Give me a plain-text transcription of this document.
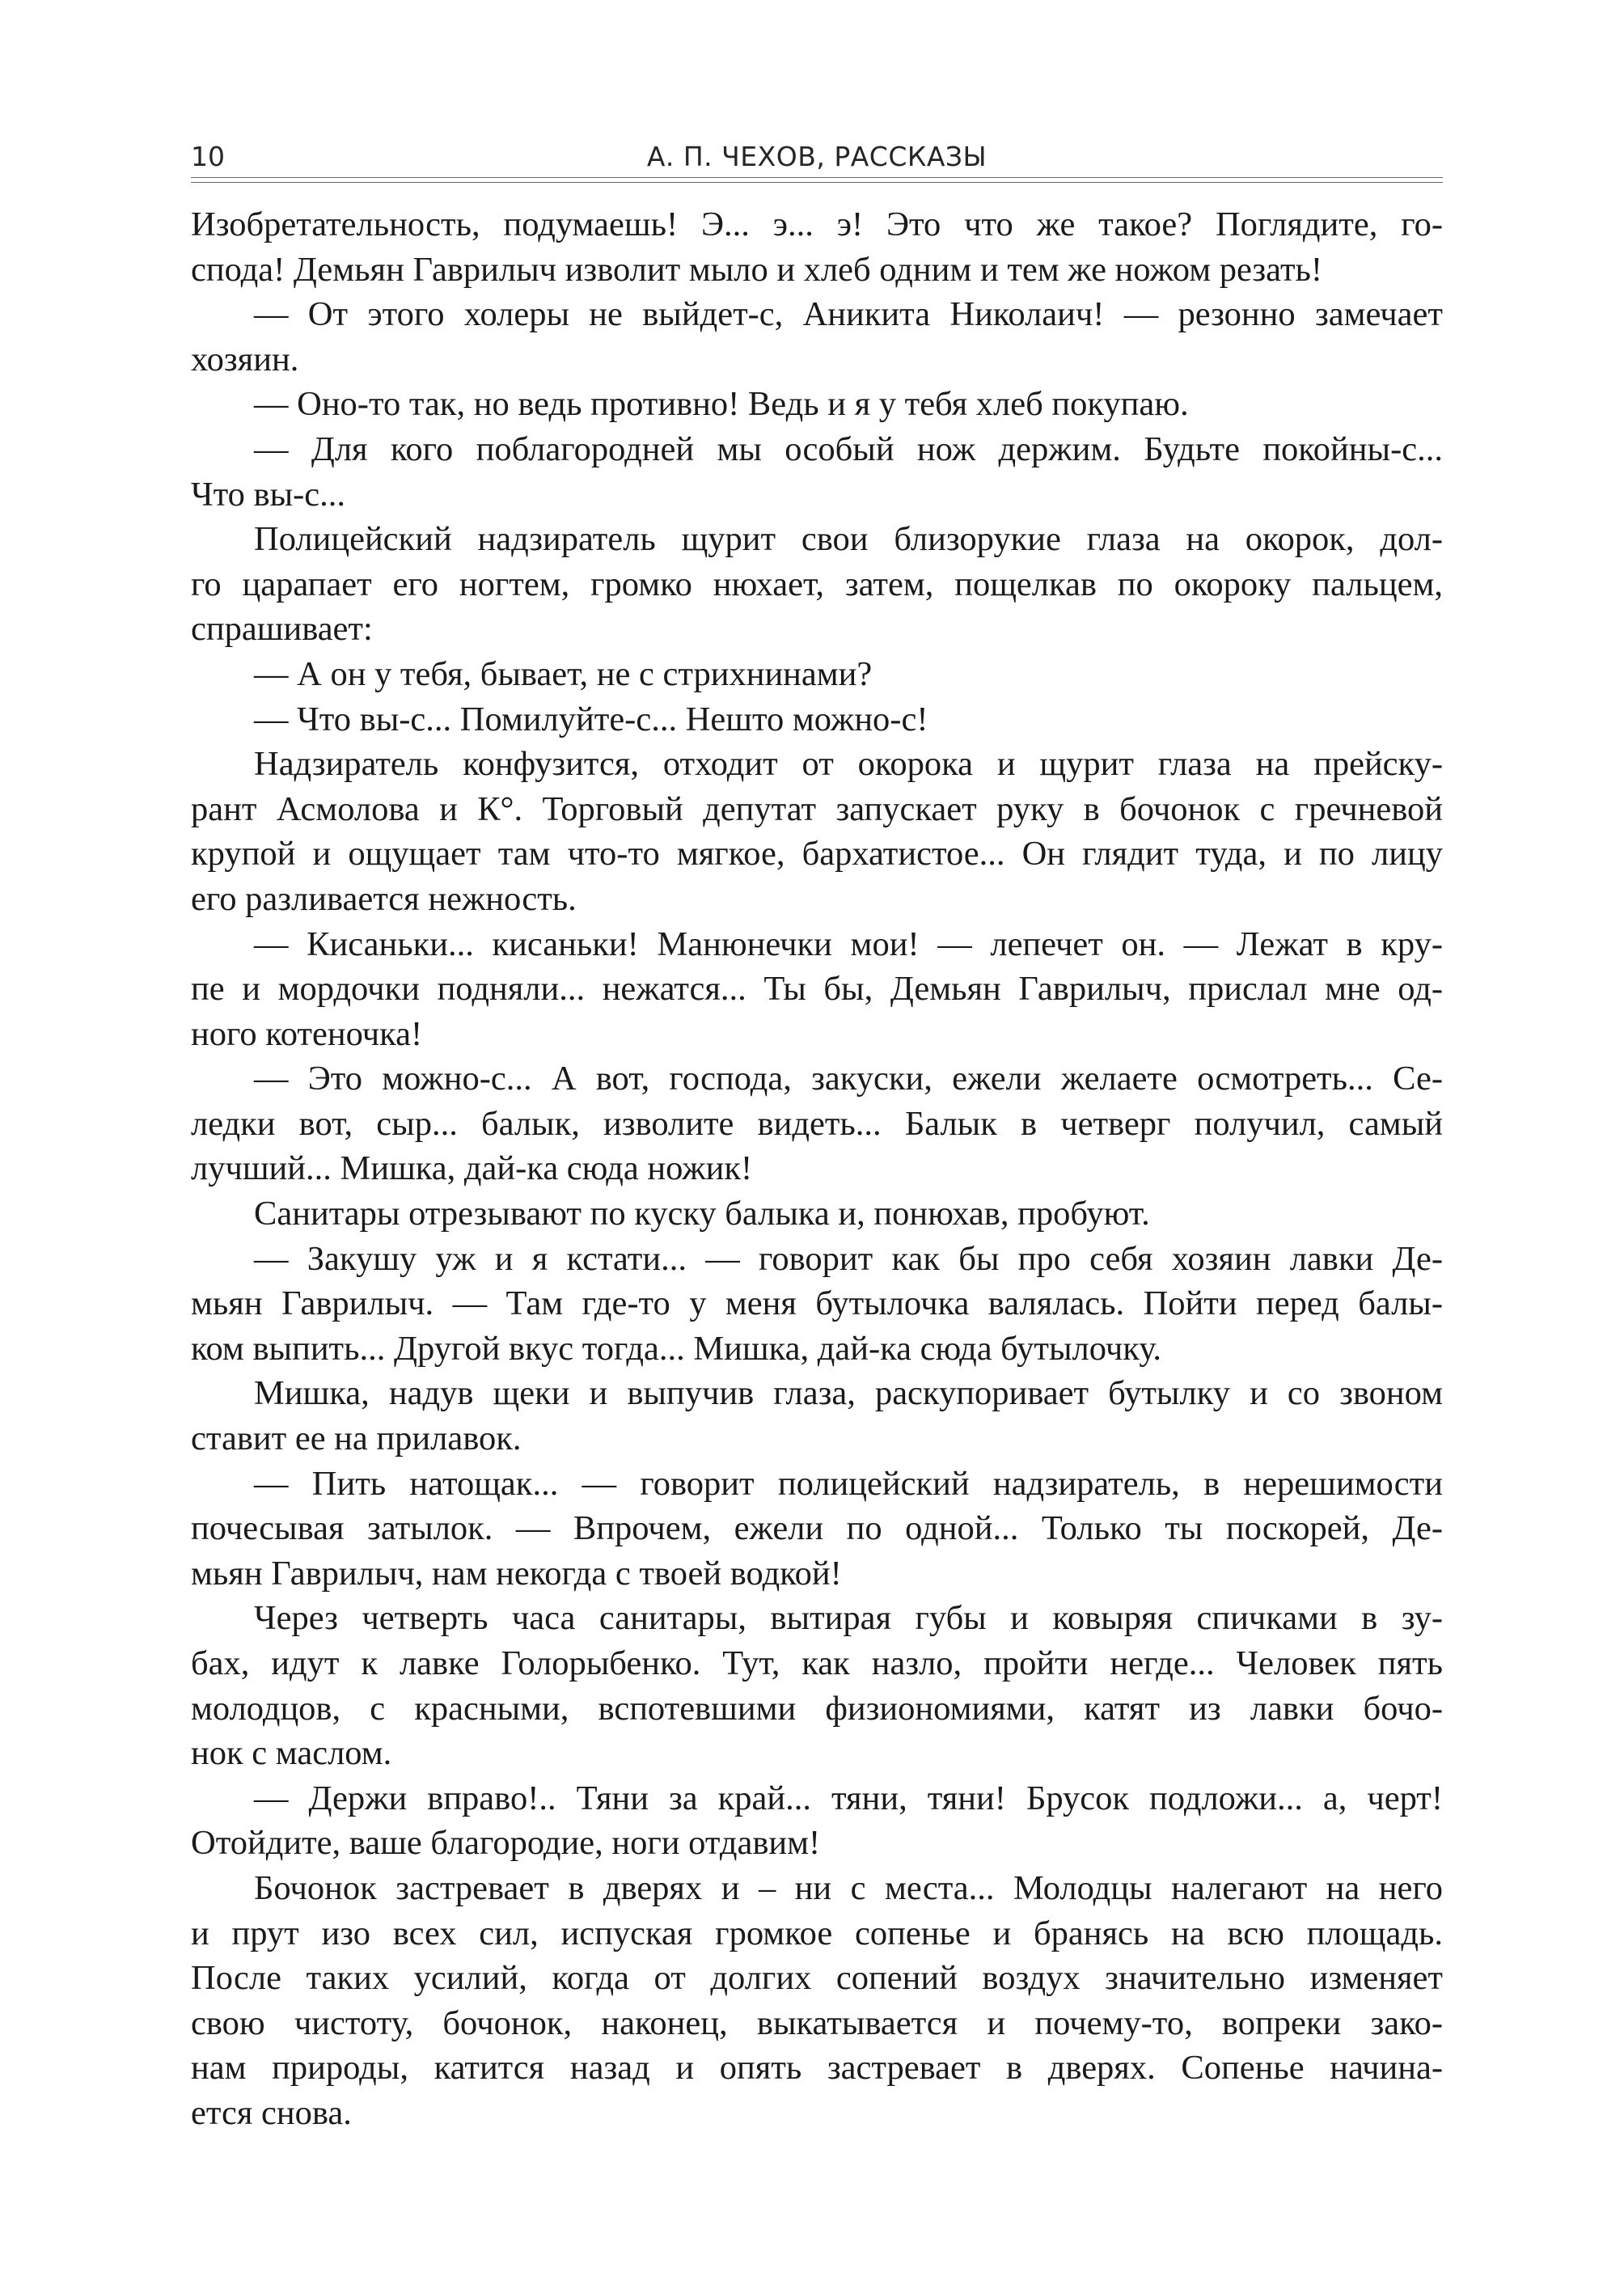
10	А. П. ЧЕХОВ, РАССКАЗЫ
Изобретательность, подумаешь! Э... э... э! Это что же такое? Поглядите, го-
спода! Демьян Гаврилыч изволит мыло и хлеб одним и тем же ножом резать!
— От этого холеры не выйдет-с, Аникита Николаич! — резонно замечает
хозяин.
— Оно-то так, но ведь противно! Ведь и я у тебя хлеб покупаю.
— Для кого поблагородней мы особый нож держим. Будьте покойны-с...
Что вы-с...
Полицейский надзиратель щурит свои близорукие глаза на окорок, дол-
го царапает его ногтем, громко нюхает, затем, пощелкав по окороку пальцем,
спрашивает:
— А он у тебя, бывает, не с стрихнинами?
— Что вы-с... Помилуйте-с... Нешто можно-с!
Надзиратель конфузится, отходит от окорока и щурит глаза на прейску-
рант Асмолова и К°. Торговый депутат запускает руку в бочонок с гречневой
крупой и ощущает там что-то мягкое, бархатистое... Он глядит туда, и по лицу
его разливается нежность.
— Кисаньки... кисаньки! Манюнечки мои! — лепечет он. — Лежат в кру-
пе и мордочки подняли... нежатся... Ты бы, Демьян Гаврилыч, прислал мне од-
ного котеночка!
— Это можно-с... А вот, господа, закуски, ежели желаете осмотреть... Се-
ледки вот, сыр... балык, изволите видеть... Балык в четверг получил, самый
лучший... Мишка, дай-ка сюда ножик!
Санитары отрезывают по куску балыка и, понюхав, пробуют.
— Закушу уж и я кстати... — говорит как бы про себя хозяин лавки Де-
мьян Гаврилыч. — Там где-то у меня бутылочка валялась. Пойти перед балы-
ком выпить... Другой вкус тогда... Мишка, дай-ка сюда бутылочку.
Мишка, надув щеки и выпучив глаза, раскупоривает бутылку и со звоном
ставит ее на прилавок.
— Пить натощак... — говорит полицейский надзиратель, в нерешимости
почесывая затылок. — Впрочем, ежели по одной... Только ты поскорей, Де-
мьян Гаврилыч, нам некогда с твоей водкой!
Через четверть часа санитары, вытирая губы и ковыряя спичками в зу-
бах, идут к лавке Голорыбенко. Тут, как назло, пройти негде... Человек пять
молодцов, с красными, вспотевшими физиономиями, катят из лавки бочо-
нок с маслом.
— Держи вправо!.. Тяни за край... тяни, тяни! Брусок подложи... а, черт!
Отойдите, ваше благородие, ноги отдавим!
Бочонок застревает в дверях и – ни с места... Молодцы налегают на него
и прут изо всех сил, испуская громкое сопенье и бранясь на всю площадь.
После таких усилий, когда от долгих сопений воздух значительно изменяет
свою чистоту, бочонок, наконец, выкатывается и почему-то, вопреки зако-
нам природы, катится назад и опять застревает в дверях. Сопенье начина-
ется снова.
